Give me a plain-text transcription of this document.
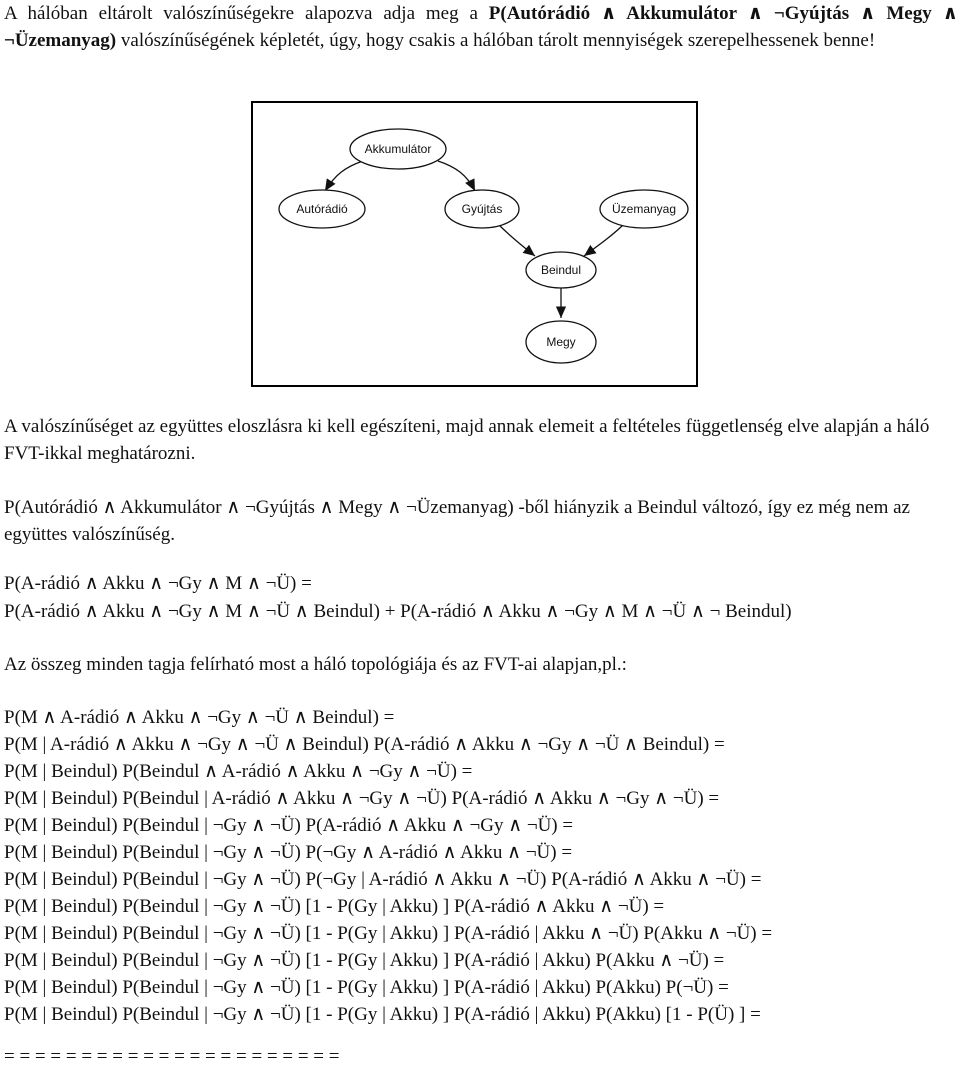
A hálóban eltárolt valószínűségekre alapozva adja meg a P(Autórádió ∧ Akkumulátor ∧ ¬Gyújtás ∧ Megy ∧ ¬Üzemanyag) valószínűségének képletét, úgy, hogy csakis a hálóban tárolt mennyiségek szerepelhessenek benne!
Akkumulátor
Autórádió	Gyújtás	Üzemanyag
Beindul
Megy
A valószínűséget az együttes eloszlásra ki kell egészíteni, majd annak elemeit a feltételes függetlenség elve alapján a háló FVT-ikkal meghatározni.
P(Autórádió ∧ Akkumulátor ∧ ¬Gyújtás ∧ Megy ∧ ¬Üzemanyag) -ből hiányzik a Beindul változó, így ez még nem az együttes valószínűség.
P(A-rádió ∧ Akku ∧ ¬Gy ∧ M ∧ ¬Ü) =
P(A-rádió ∧ Akku ∧ ¬Gy ∧ M ∧ ¬Ü ∧ Beindul) + P(A-rádió ∧ Akku ∧ ¬Gy ∧ M ∧ ¬Ü ∧ ¬ Beindul)
Az összeg minden tagja felírható most a háló topológiája és az FVT-ai alapjan,pl.:
P(M ∧ A-rádió ∧ Akku ∧ ¬Gy ∧ ¬Ü ∧ Beindul) =
P(M | A-rádió ∧ Akku ∧ ¬Gy ∧ ¬Ü ∧ Beindul) P(A-rádió ∧ Akku ∧ ¬Gy ∧ ¬Ü ∧ Beindul) =
P(M | Beindul) P(Beindul ∧ A-rádió ∧ Akku ∧ ¬Gy ∧ ¬Ü) =
P(M | Beindul) P(Beindul | A-rádió ∧ Akku ∧ ¬Gy ∧ ¬Ü) P(A-rádió ∧ Akku ∧ ¬Gy ∧ ¬Ü) =
P(M | Beindul) P(Beindul | ¬Gy ∧ ¬Ü) P(A-rádió ∧ Akku ∧ ¬Gy ∧ ¬Ü) =
P(M | Beindul) P(Beindul | ¬Gy ∧ ¬Ü) P(¬Gy ∧ A-rádió ∧ Akku ∧ ¬Ü) =
P(M | Beindul) P(Beindul | ¬Gy ∧ ¬Ü) P(¬Gy | A-rádió ∧ Akku ∧ ¬Ü) P(A-rádió ∧ Akku ∧ ¬Ü) =
P(M | Beindul) P(Beindul | ¬Gy ∧ ¬Ü) [1 - P(Gy | Akku) ] P(A-rádió ∧ Akku ∧ ¬Ü) =
P(M | Beindul) P(Beindul | ¬Gy ∧ ¬Ü) [1 - P(Gy | Akku) ] P(A-rádió | Akku ∧ ¬Ü) P(Akku ∧ ¬Ü) =
P(M | Beindul) P(Beindul | ¬Gy ∧ ¬Ü) [1 - P(Gy | Akku) ] P(A-rádió | Akku) P(Akku ∧ ¬Ü) =
P(M | Beindul) P(Beindul | ¬Gy ∧ ¬Ü) [1 - P(Gy | Akku) ] P(A-rádió | Akku) P(Akku) P(¬Ü) =
P(M | Beindul) P(Beindul | ¬Gy ∧ ¬Ü) [1 - P(Gy | Akku) ] P(A-rádió | Akku) P(Akku) [1 - P(Ü) ] =
= = = = = = = = = = = = = = = = = = = = = =
